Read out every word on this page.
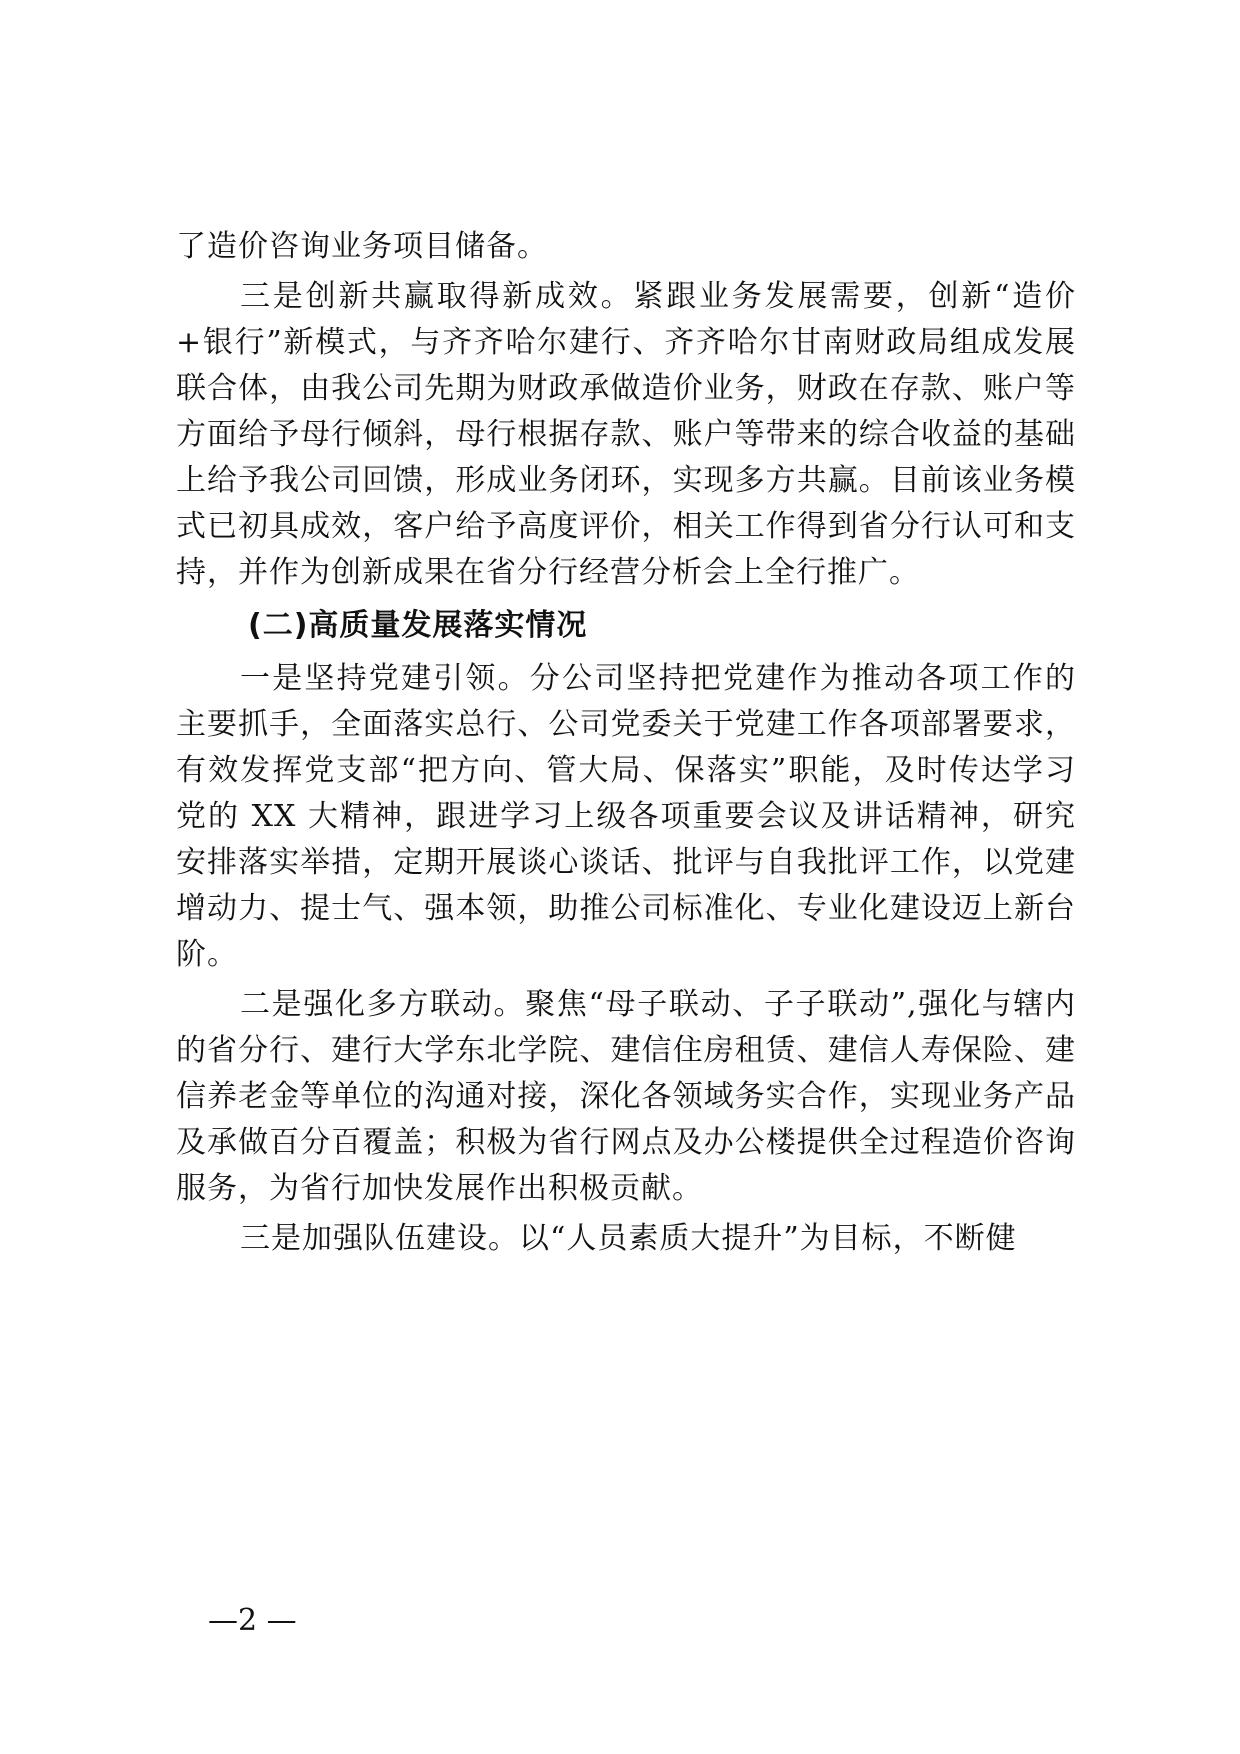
了造价咨询业务项目储备。

三是创新共赢取得新成效。紧跟业务发展需要，创新“造价+银行”新模式，与齐齐哈尔建行、齐齐哈尔甘南财政局组成发展联合体，由我公司先期为财政承做造价业务，财政在存款、账户等方面给予母行倾斜，母行根据存款、账户等带来的综合收益的基础上给予我公司回馈，形成业务闭环，实现多方共赢。目前该业务模式已初具成效，客户给予高度评价，相关工作得到省分行认可和支持，并作为创新成果在省分行经营分析会上全行推广。

(二)高质量发展落实情况

一是坚持党建引领。分公司坚持把党建作为推动各项工作的主要抓手，全面落实总行、公司党委关于党建工作各项部署要求，有效发挥党支部“把方向、管大局、保落实”职能，及时传达学习党的 XX 大精神，跟进学习上级各项重要会议及讲话精神，研究安排落实举措，定期开展谈心谈话、批评与自我批评工作，以党建增动力、提士气、强本领，助推公司标准化、专业化建设迈上新台阶。

二是强化多方联动。聚焦“母子联动、子子联动”,强化与辖内的省分行、建行大学东北学院、建信住房租赁、建信人寿保险、建信养老金等单位的沟通对接，深化各领域务实合作，实现业务产品及承做百分百覆盖；积极为省行网点及办公楼提供全过程造价咨询服务，为省行加快发展作出积极贡献。

三是加强队伍建设。以“人员素质大提升”为目标，不断健

—2 —
